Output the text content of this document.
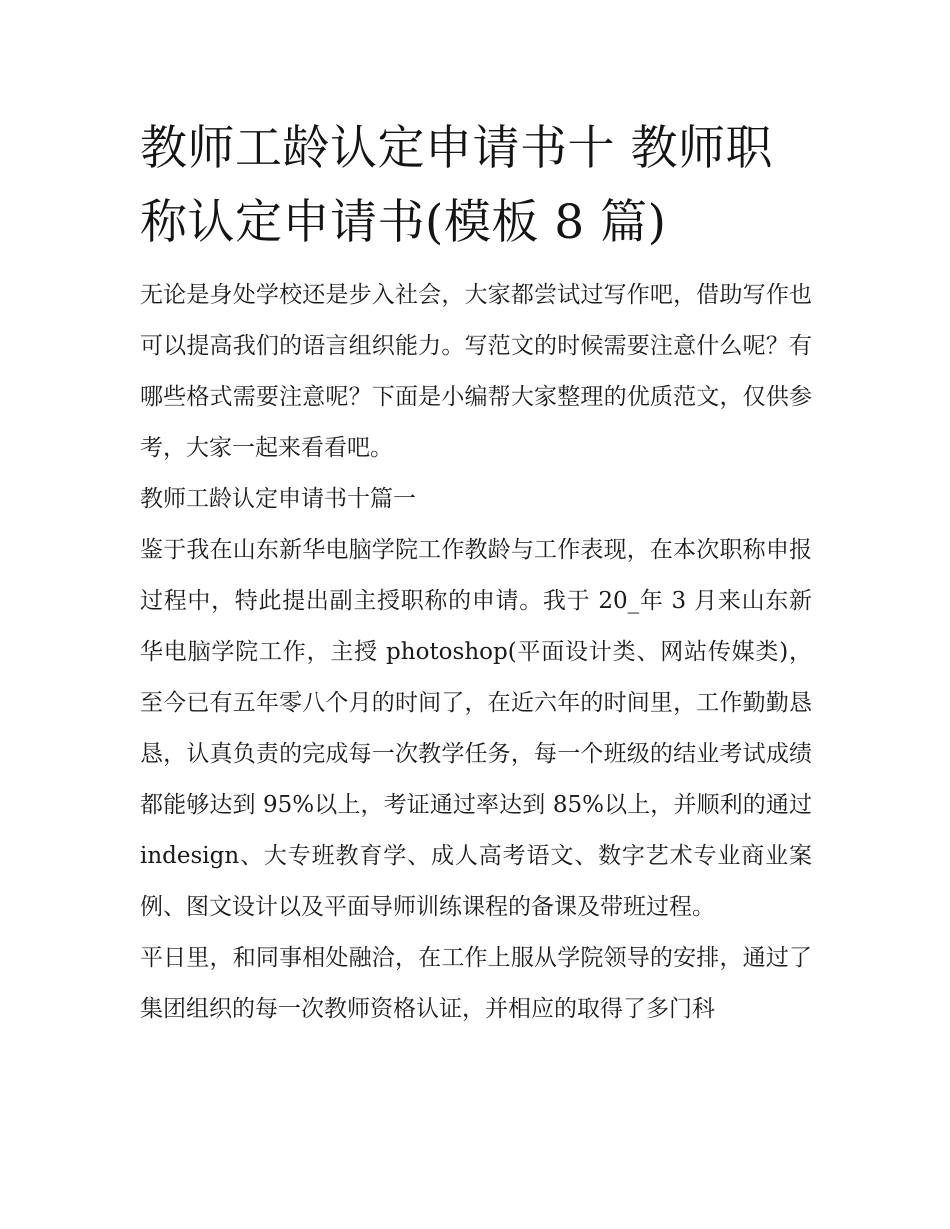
教师工龄认定申请书十 教师职称认定申请书(模板 8 篇)

无论是身处学校还是步入社会，大家都尝试过写作吧，借助写作也可以提高我们的语言组织能力。写范文的时候需要注意什么呢？有哪些格式需要注意呢？下面是小编帮大家整理的优质范文，仅供参考，大家一起来看看吧。

教师工龄认定申请书十篇一

鉴于我在山东新华电脑学院工作教龄与工作表现，在本次职称申报过程中，特此提出副主授职称的申请。我于 20_年 3 月来山东新华电脑学院工作，主授 photoshop(平面设计类、网站传媒类)，至今已有五年零八个月的时间了，在近六年的时间里，工作勤勤恳恳，认真负责的完成每一次教学任务，每一个班级的结业考试成绩都能够达到 95%以上，考证通过率达到 85%以上，并顺利的通过 indesign、大专班教育学、成人高考语文、数字艺术专业商业案例、图文设计以及平面导师训练课程的备课及带班过程。

平日里，和同事相处融洽，在工作上服从学院领导的安排，通过了集团组织的每一次教师资格认证，并相应的取得了多门科
